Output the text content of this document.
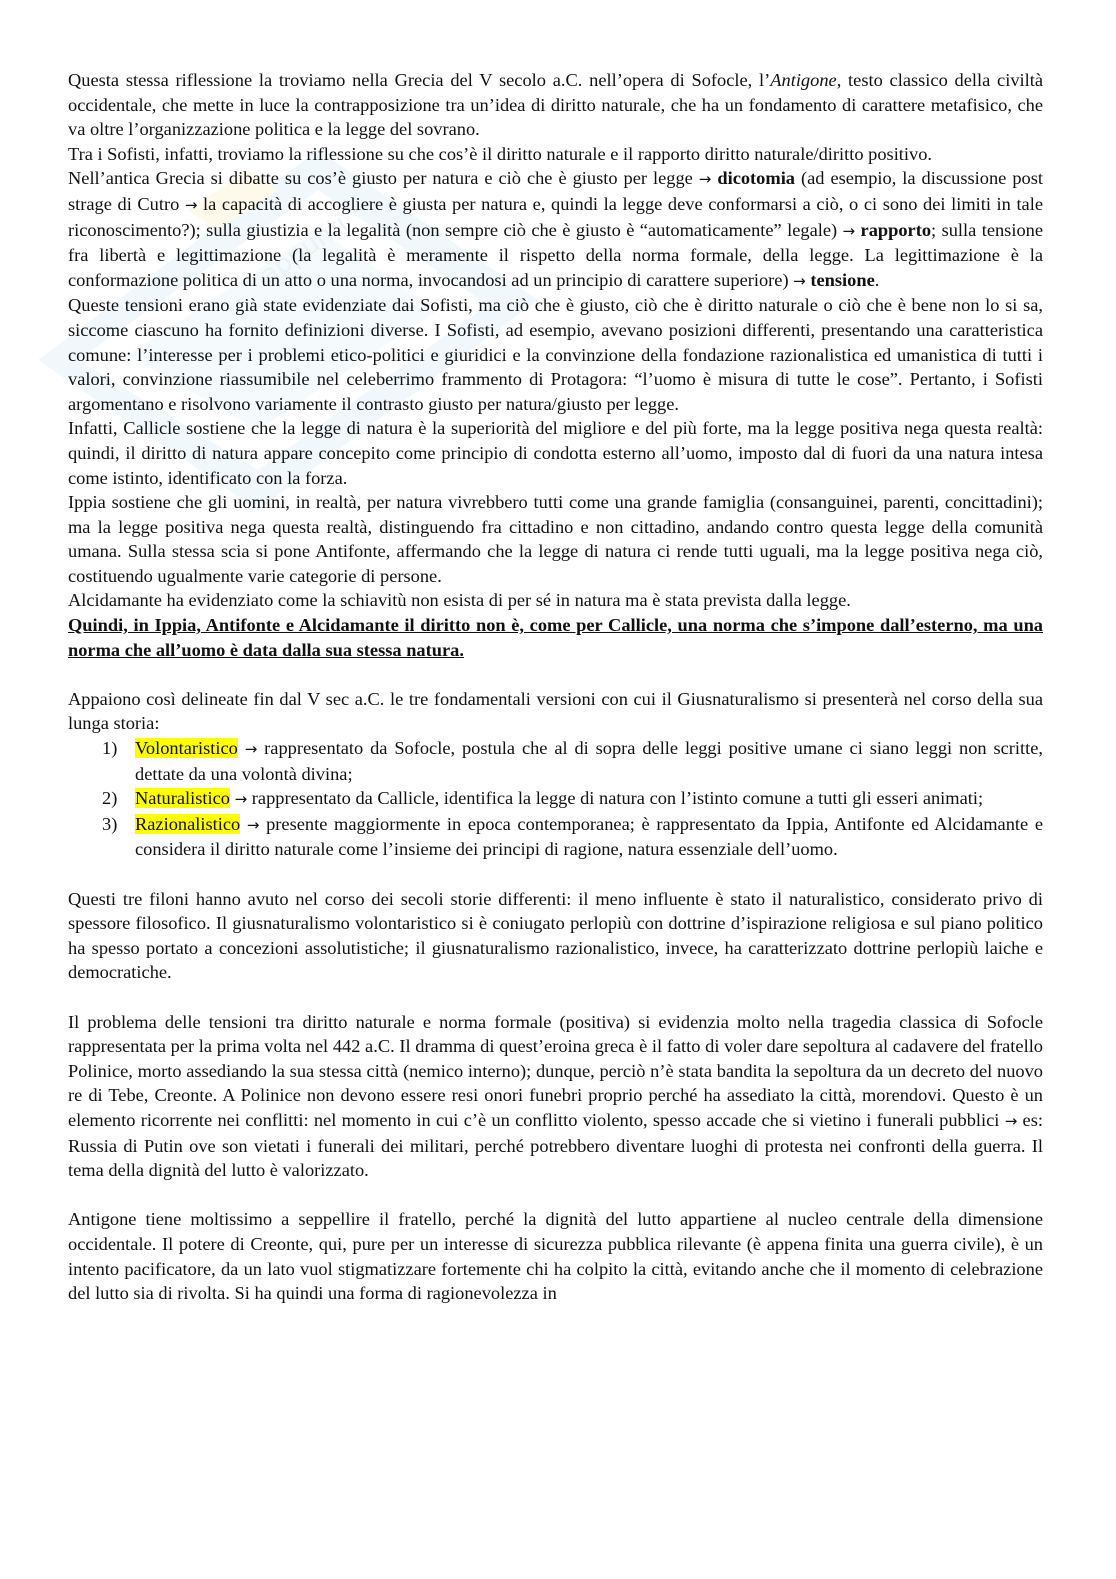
appunti

Questa stessa riflessione la troviamo nella Grecia del V secolo a.C. nell’opera di Sofocle, l’Antigone, testo classico della civiltà occidentale, che mette in luce la contrapposizione tra un’idea di diritto naturale, che ha un fondamento di carattere metafisico, che va oltre l’organizzazione politica e la legge del sovrano.

Tra i Sofisti, infatti, troviamo la riflessione su che cos’è il diritto naturale e il rapporto diritto naturale/diritto positivo.

Nell’antica Grecia si dibatte su cos’è giusto per natura e ciò che è giusto per legge → dicotomia (ad esempio, la discussione post strage di Cutro → la capacità di accogliere è giusta per natura e, quindi la legge deve conformarsi a ciò, o ci sono dei limiti in tale riconoscimento?); sulla giustizia e la legalità (non sempre ciò che è giusto è “automaticamente” legale) → rapporto; sulla tensione fra libertà e legittimazione (la legalità è meramente il rispetto della norma formale, della legge. La legittimazione è la conformazione politica di un atto o una norma, invocandosi ad un principio di carattere superiore) → tensione.

Queste tensioni erano già state evidenziate dai Sofisti, ma ciò che è giusto, ciò che è diritto naturale o ciò che è bene non lo si sa, siccome ciascuno ha fornito definizioni diverse. I Sofisti, ad esempio, avevano posizioni differenti, presentando una caratteristica comune: l’interesse per i problemi etico-politici e giuridici e la convinzione della fondazione razionalistica ed umanistica di tutti i valori, convinzione riassumibile nel celeberrimo frammento di Protagora: “l’uomo è misura di tutte le cose”. Pertanto, i Sofisti argomentano e risolvono variamente il contrasto giusto per natura/giusto per legge.

Infatti, Callicle sostiene che la legge di natura è la superiorità del migliore e del più forte, ma la legge positiva nega questa realtà: quindi, il diritto di natura appare concepito come principio di condotta esterno all’uomo, imposto dal di fuori da una natura intesa come istinto, identificato con la forza.

Ippia sostiene che gli uomini, in realtà, per natura vivrebbero tutti come una grande famiglia (consanguinei, parenti, concittadini); ma la legge positiva nega questa realtà, distinguendo fra cittadino e non cittadino, andando contro questa legge della comunità umana. Sulla stessa scia si pone Antifonte, affermando che la legge di natura ci rende tutti uguali, ma la legge positiva nega ciò, costituendo ugualmente varie categorie di persone.

Alcidamante ha evidenziato come la schiavitù non esista di per sé in natura ma è stata prevista dalla legge.

Quindi, in Ippia, Antifonte e Alcidamante il diritto non è, come per Callicle, una norma che s’impone dall’esterno, ma una norma che all’uomo è data dalla sua stessa natura.

Appaiono così delineate fin dal V sec a.C. le tre fondamentali versioni con cui il Giusnaturalismo si presenterà nel corso della sua lunga storia:

1) Volontaristico → rappresentato da Sofocle, postula che al di sopra delle leggi positive umane ci siano leggi non scritte, dettate da una volontà divina;
2) Naturalistico → rappresentato da Callicle, identifica la legge di natura con l’istinto comune a tutti gli esseri animati;
3) Razionalistico → presente maggiormente in epoca contemporanea; è rappresentato da Ippia, Antifonte ed Alcidamante e considera il diritto naturale come l’insieme dei principi di ragione, natura essenziale dell’uomo.

Questi tre filoni hanno avuto nel corso dei secoli storie differenti: il meno influente è stato il naturalistico, considerato privo di spessore filosofico. Il giusnaturalismo volontaristico si è coniugato perlopiù con dottrine d’ispirazione religiosa e sul piano politico ha spesso portato a concezioni assolutistiche; il giusnaturalismo razionalistico, invece, ha caratterizzato dottrine perlopiù laiche e democratiche.

Il problema delle tensioni tra diritto naturale e norma formale (positiva) si evidenzia molto nella tragedia classica di Sofocle rappresentata per la prima volta nel 442 a.C. Il dramma di quest’eroina greca è il fatto di voler dare sepoltura al cadavere del fratello Polinice, morto assediando la sua stessa città (nemico interno); dunque, perciò n’è stata bandita la sepoltura da un decreto del nuovo re di Tebe, Creonte. A Polinice non devono essere resi onori funebri proprio perché ha assediato la città, morendovi. Questo è un elemento ricorrente nei conflitti: nel momento in cui c’è un conflitto violento, spesso accade che si vietino i funerali pubblici → es: Russia di Putin ove son vietati i funerali dei militari, perché potrebbero diventare luoghi di protesta nei confronti della guerra. Il tema della dignità del lutto è valorizzato.

Antigone tiene moltissimo a seppellire il fratello, perché la dignità del lutto appartiene al nucleo centrale della dimensione occidentale. Il potere di Creonte, qui, pure per un interesse di sicurezza pubblica rilevante (è appena finita una guerra civile), è un intento pacificatore, da un lato vuol stigmatizzare fortemente chi ha colpito la città, evitando anche che il momento di celebrazione del lutto sia di rivolta. Si ha quindi una forma di ragionevolezza in
